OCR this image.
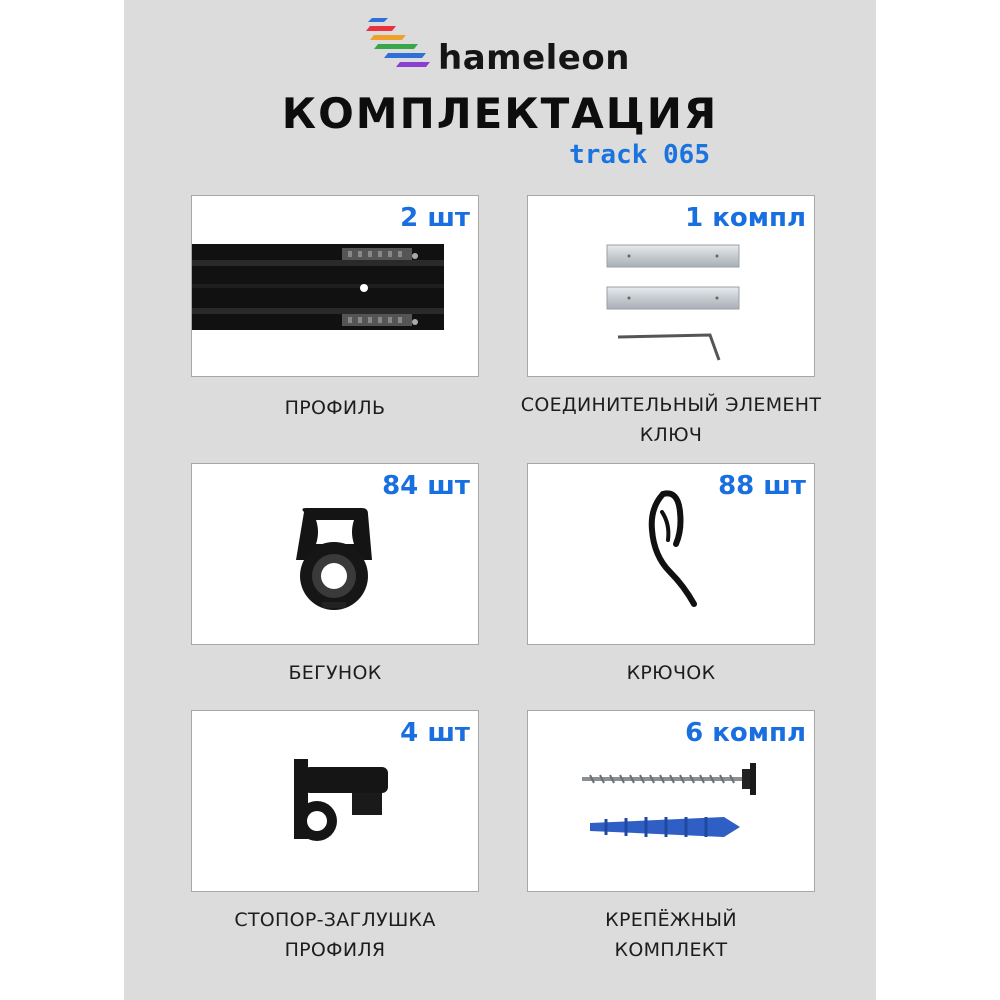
hameleon
КОМПЛЕКТАЦИЯ
track 065
2 шт
ПРОФИЛЬ
1 компл
СОЕДИНИТЕЛЬНЫЙ ЭЛЕМЕНТ
КЛЮЧ
84 шт
БЕГУНОК
88 шт
КРЮЧОК
4 шт
СТОПОР-ЗАГЛУШКА
ПРОФИЛЯ
6 компл
КРЕПЁЖНЫЙ
КОМПЛЕКТ
